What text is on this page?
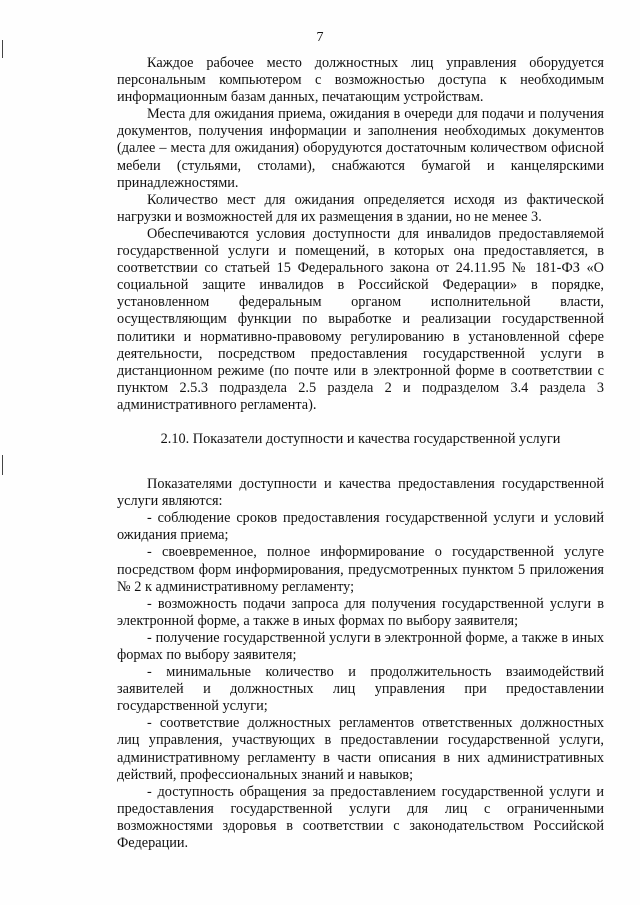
7

Каждое рабочее место должностных лиц управления оборудуется персональным компьютером с возможностью доступа к необходимым информационным базам данных, печатающим устройствам.

Места для ожидания приема, ожидания в очереди для подачи и получения документов, получения информации и заполнения необходимых документов (далее – места для ожидания) оборудуются достаточным количеством офисной мебели (стульями, столами), снабжаются бумагой и канцелярскими принадлежностями.

Количество мест для ожидания определяется исходя из фактической нагрузки и возможностей для их размещения в здании, но не менее 3.

Обеспечиваются условия доступности для инвалидов предоставляемой государственной услуги и помещений, в которых она предоставляется, в соответствии со статьей 15 Федерального закона от 24.11.95 № 181-ФЗ «О социальной защите инвалидов в Российской Федерации» в порядке, установленном федеральным органом исполнительной власти, осуществляющим функции по выработке и реализации государственной политики и нормативно-правовому регулированию в установленной сфере деятельности, посредством предоставления государственной услуги в дистанционном режиме (по почте или в электронной форме в соответствии с пунктом 2.5.3 подраздела 2.5 раздела 2 и подразделом 3.4 раздела 3 административного регламента).

2.10. Показатели доступности и качества государственной услуги

Показателями доступности и качества предоставления государственной услуги являются:

- соблюдение сроков предоставления государственной услуги и условий ожидания приема;

- своевременное, полное информирование о государственной услуге посредством форм информирования, предусмотренных пунктом 5 приложения № 2 к административному регламенту;

- возможность подачи запроса для получения государственной услуги в электронной форме, а также в иных формах по выбору заявителя;

- получение государственной услуги в электронной форме, а также в иных формах по выбору заявителя;

- минимальные количество и продолжительность взаимодействий заявителей и должностных лиц управления при предоставлении государственной услуги;

- соответствие должностных регламентов ответственных должностных лиц управления, участвующих в предоставлении государственной услуги, административному регламенту в части описания в них административных действий, профессиональных знаний и навыков;

- доступность обращения за предоставлением государственной услуги и предоставления государственной услуги для лиц с ограниченными возможностями здоровья в соответствии с законодательством Российской Федерации.
